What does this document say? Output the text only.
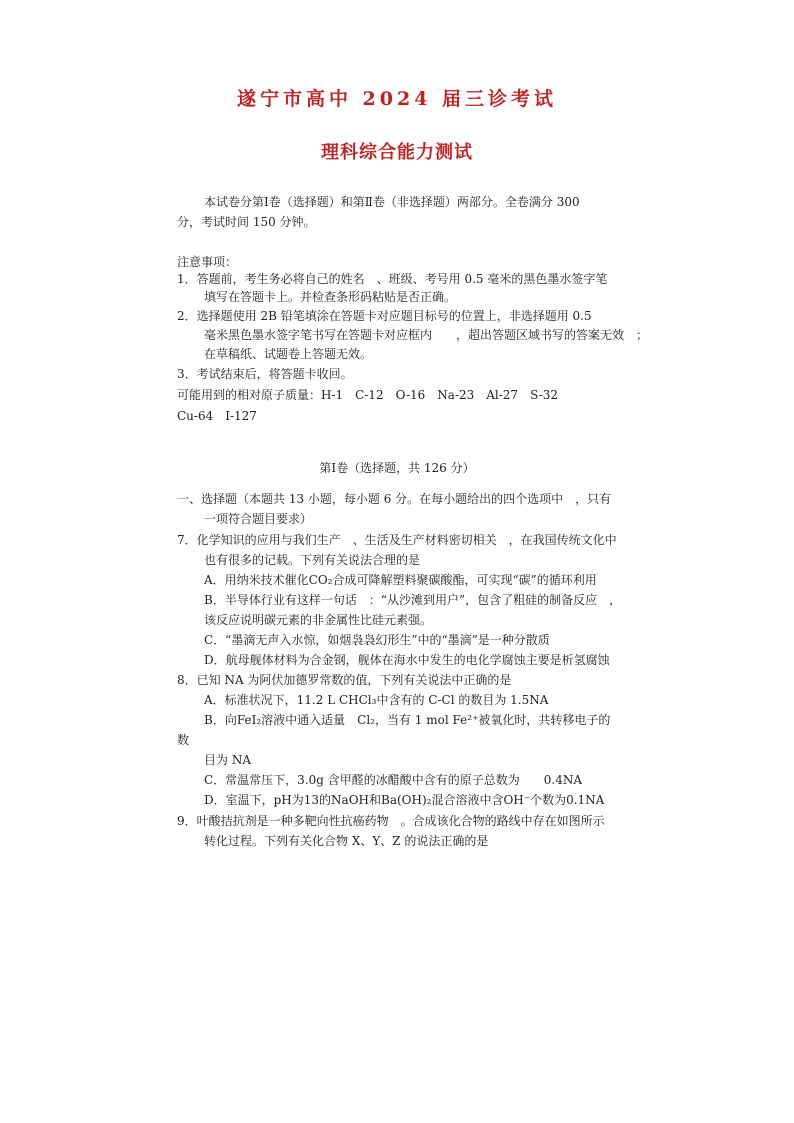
遂宁市高中 2024 届三诊考试
理科综合能力测试
本试卷分第Ⅰ卷（选择题）和第Ⅱ卷（非选择题）两部分。全卷满分 300
分，考试时间 150 分钟。
注意事项：
1．答题前，考生务必将自己的姓名　、班级、考号用 0.5 毫米的黑色墨水签字笔
填写在答题卡上。并检查条形码粘贴是否正确。
2．选择题使用 2B 铅笔填涂在答题卡对应题目标号的位置上，非选择题用 0.5
毫米黑色墨水签字笔书写在答题卡对应框内　　，超出答题区域书写的答案无效　；
在草稿纸、试题卷上答题无效。
3．考试结束后，将答题卡收回。
可能用到的相对原子质量：H-1　C-12　O-16　Na-23　Al-27　S-32
Cu-64　I-127
第Ⅰ卷（选择题，共 126 分）
一、选择题（本题共 13 小题，每小题 6 分。在每小题给出的四个选项中　，只有
一项符合题目要求）
7．化学知识的应用与我们生产　、生活及生产材料密切相关　，在我国传统文化中
也有很多的记载。下列有关说法合理的是
A．用纳米技术催化CO₂合成可降解塑料聚碳酸酯，可实现“碳”的循环利用
B．半导体行业有这样一句话　：“从沙滩到用户”，包含了粗硅的制备反应　，
该反应说明碳元素的非金属性比硅元素强。
C．“墨滴无声入水惊，如烟袅袅幻形生”中的“墨滴”是一种分散质
D．航母舰体材料为合金钢，舰体在海水中发生的电化学腐蚀主要是析氢腐蚀
8．已知 NA 为阿伏加德罗常数的值，下列有关说法中正确的是
A．标准状况下，11.2 L CHCl₃中含有的 C-Cl 的数目为 1.5NA
B．向FeI₂溶液中通入适量　Cl₂，当有 1 mol Fe²⁺被氧化时，共转移电子的
数
目为 NA
C．常温常压下，3.0g 含甲醛的冰醋酸中含有的原子总数为　　0.4NA
D．室温下，pH为13的NaOH和Ba(OH)₂混合溶液中含OH⁻个数为0.1NA
9．叶酸拮抗剂是一种多靶向性抗癌药物　。合成该化合物的路线中存在如图所示
转化过程。下列有关化合物 X、Y、Z 的说法正确的是
